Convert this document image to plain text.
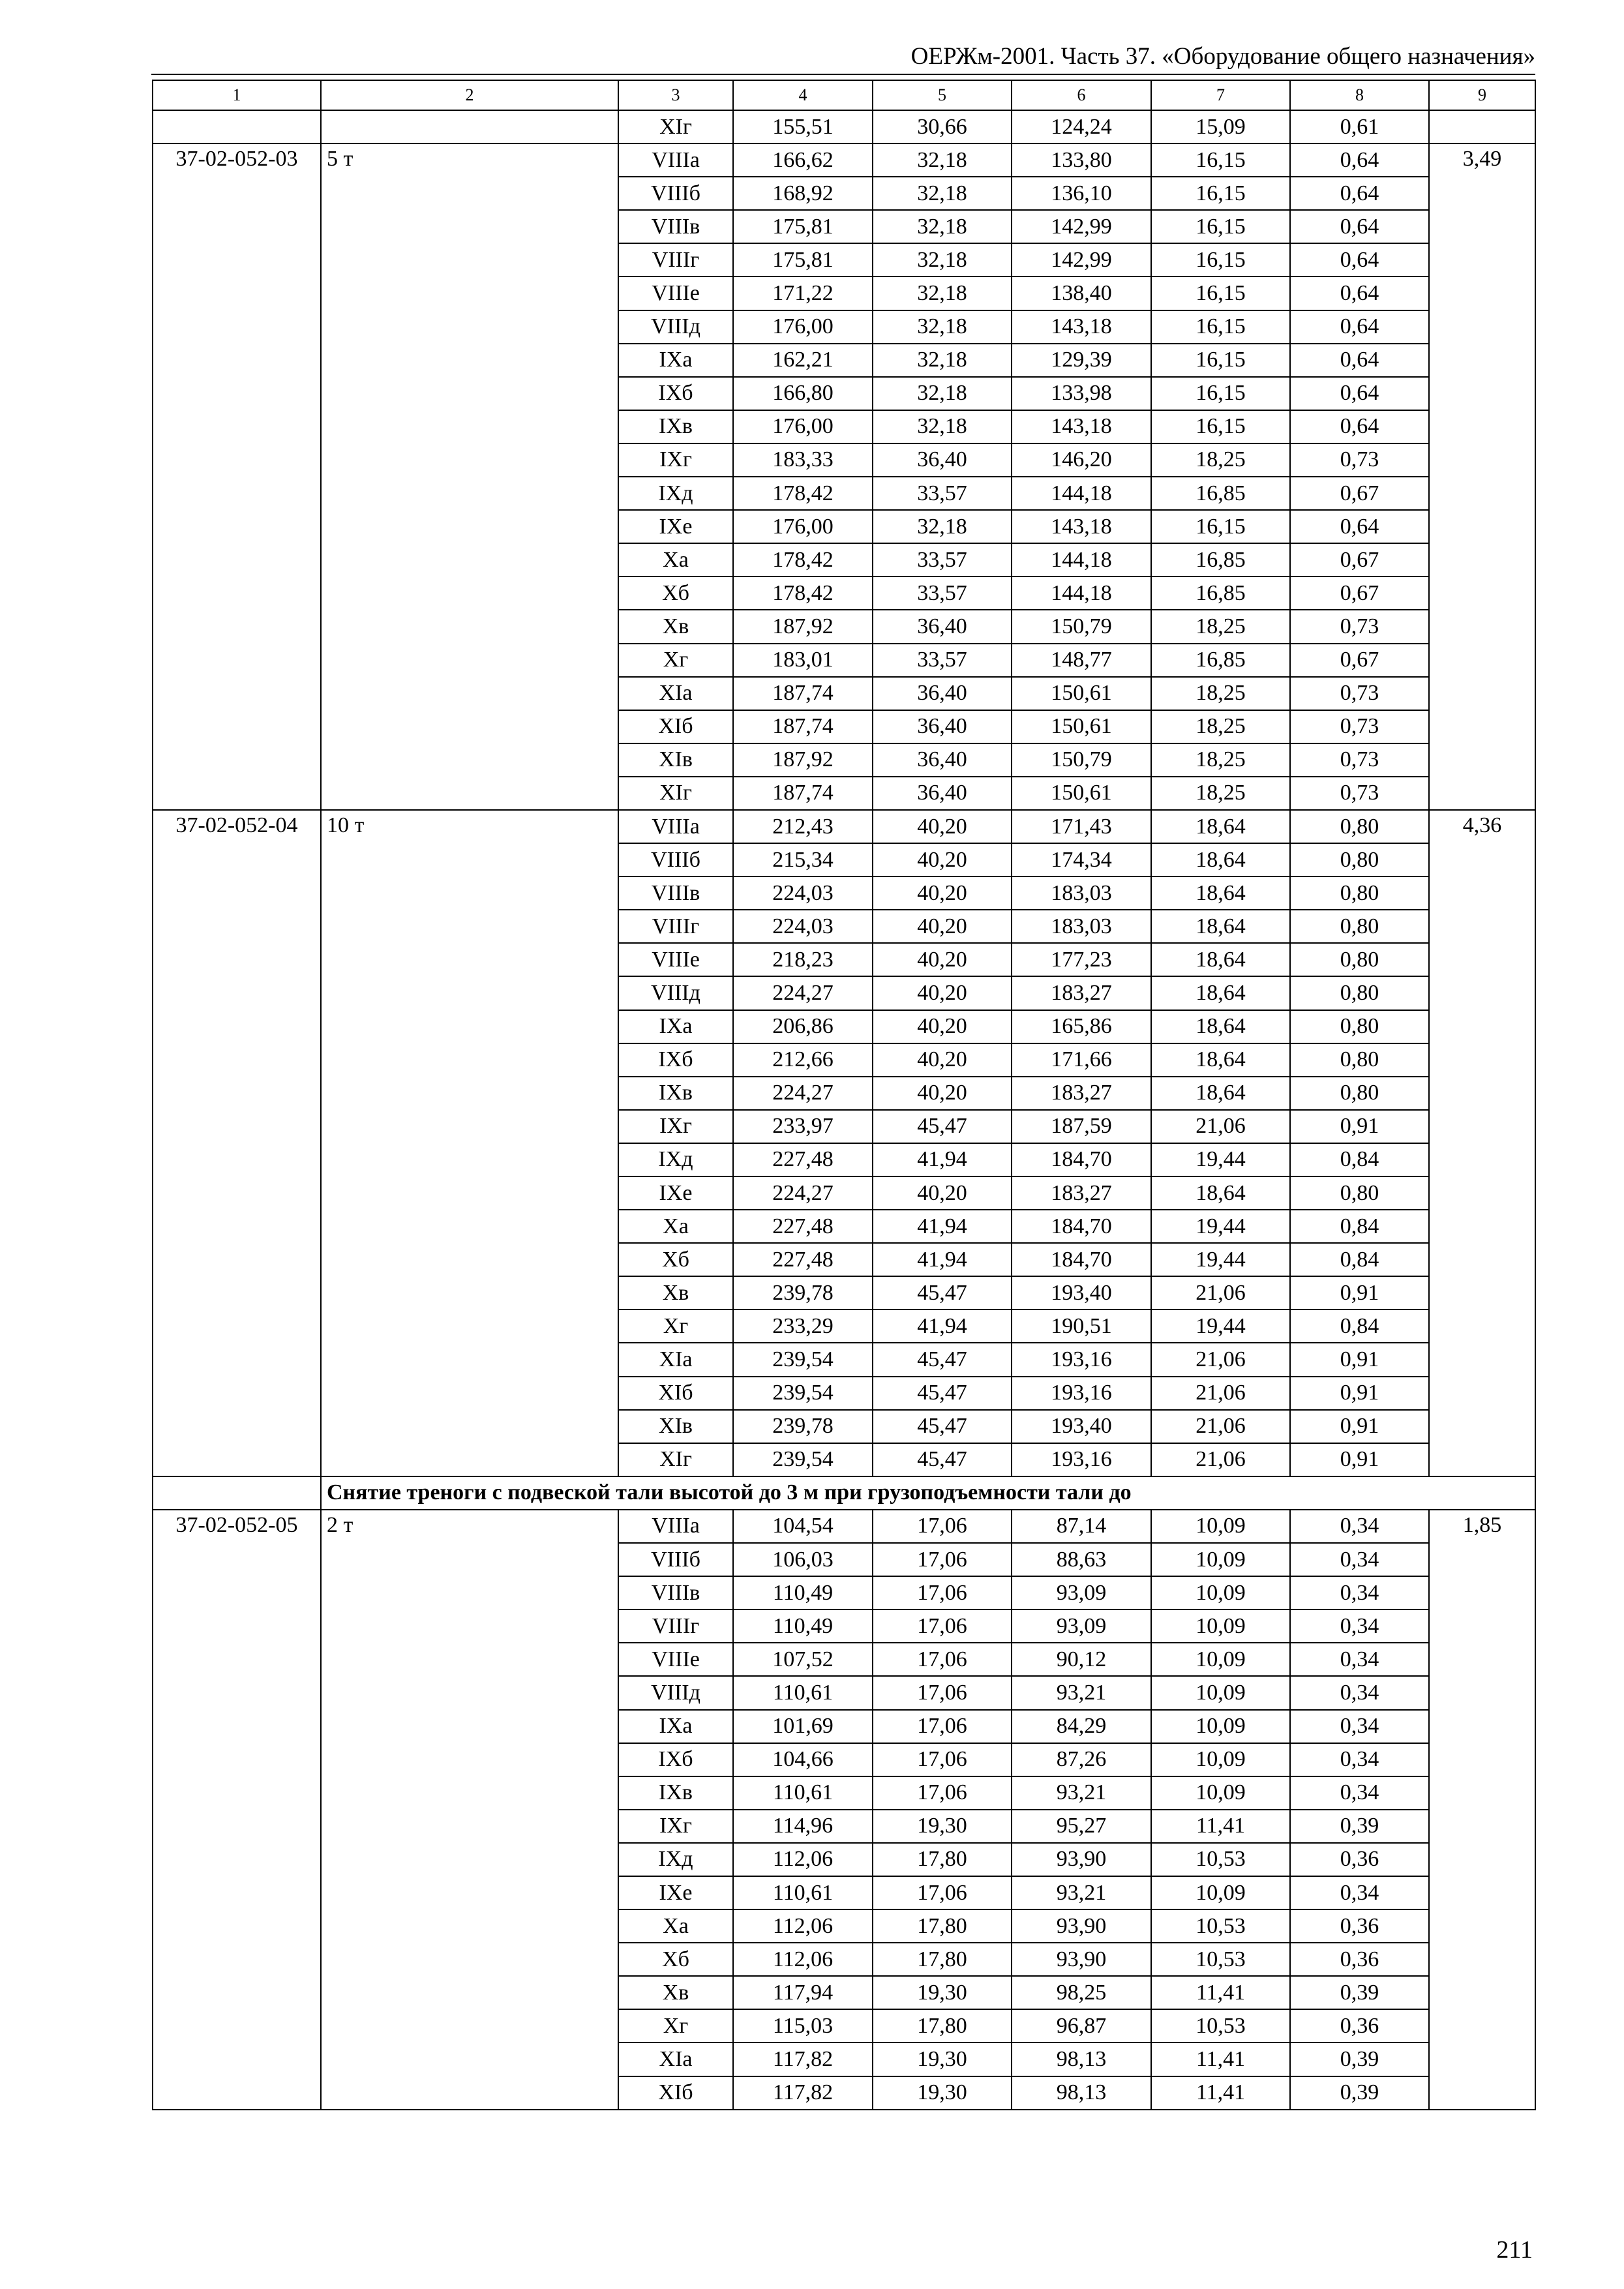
ОЕРЖм-2001. Часть 37. «Оборудование общего назначения»
1	2	3	4	5	6	7	8	9
		XIг	155,51	30,66	124,24	15,09	0,61	
37-02-052-03	5 т	VIIIа	166,62	32,18	133,80	16,15	0,64	3,49
		VIIIб	168,92	32,18	136,10	16,15	0,64	
		VIIIв	175,81	32,18	142,99	16,15	0,64	
		VIIIг	175,81	32,18	142,99	16,15	0,64	
		VIIIе	171,22	32,18	138,40	16,15	0,64	
		VIIIд	176,00	32,18	143,18	16,15	0,64	
		IXа	162,21	32,18	129,39	16,15	0,64	
		IXб	166,80	32,18	133,98	16,15	0,64	
		IXв	176,00	32,18	143,18	16,15	0,64	
		IXг	183,33	36,40	146,20	18,25	0,73	
		IXд	178,42	33,57	144,18	16,85	0,67	
		IXе	176,00	32,18	143,18	16,15	0,64	
		Xа	178,42	33,57	144,18	16,85	0,67	
		Xб	178,42	33,57	144,18	16,85	0,67	
		Xв	187,92	36,40	150,79	18,25	0,73	
		Xг	183,01	33,57	148,77	16,85	0,67	
		XIа	187,74	36,40	150,61	18,25	0,73	
		XIб	187,74	36,40	150,61	18,25	0,73	
		XIв	187,92	36,40	150,79	18,25	0,73	
		XIг	187,74	36,40	150,61	18,25	0,73	
37-02-052-04	10 т	VIIIа	212,43	40,20	171,43	18,64	0,80	4,36
		VIIIб	215,34	40,20	174,34	18,64	0,80	
		VIIIв	224,03	40,20	183,03	18,64	0,80	
		VIIIг	224,03	40,20	183,03	18,64	0,80	
		VIIIе	218,23	40,20	177,23	18,64	0,80	
		VIIIд	224,27	40,20	183,27	18,64	0,80	
		IXа	206,86	40,20	165,86	18,64	0,80	
		IXб	212,66	40,20	171,66	18,64	0,80	
		IXв	224,27	40,20	183,27	18,64	0,80	
		IXг	233,97	45,47	187,59	21,06	0,91	
		IXд	227,48	41,94	184,70	19,44	0,84	
		IXе	224,27	40,20	183,27	18,64	0,80	
		Xа	227,48	41,94	184,70	19,44	0,84	
		Xб	227,48	41,94	184,70	19,44	0,84	
		Xв	239,78	45,47	193,40	21,06	0,91	
		Xг	233,29	41,94	190,51	19,44	0,84	
		XIа	239,54	45,47	193,16	21,06	0,91	
		XIб	239,54	45,47	193,16	21,06	0,91	
		XIв	239,78	45,47	193,40	21,06	0,91	
		XIг	239,54	45,47	193,16	21,06	0,91	
	Снятие треноги с подвеской тали высотой до 3 м при грузоподъемности тали до							
37-02-052-05	2 т	VIIIа	104,54	17,06	87,14	10,09	0,34	1,85
		VIIIб	106,03	17,06	88,63	10,09	0,34	
		VIIIв	110,49	17,06	93,09	10,09	0,34	
		VIIIг	110,49	17,06	93,09	10,09	0,34	
		VIIIе	107,52	17,06	90,12	10,09	0,34	
		VIIIд	110,61	17,06	93,21	10,09	0,34	
		IXа	101,69	17,06	84,29	10,09	0,34	
		IXб	104,66	17,06	87,26	10,09	0,34	
		IXв	110,61	17,06	93,21	10,09	0,34	
		IXг	114,96	19,30	95,27	11,41	0,39	
		IXд	112,06	17,80	93,90	10,53	0,36	
		IXе	110,61	17,06	93,21	10,09	0,34	
		Xа	112,06	17,80	93,90	10,53	0,36	
		Xб	112,06	17,80	93,90	10,53	0,36	
		Xв	117,94	19,30	98,25	11,41	0,39	
		Xг	115,03	17,80	96,87	10,53	0,36	
		XIа	117,82	19,30	98,13	11,41	0,39	
		XIб	117,82	19,30	98,13	11,41	0,39	
211
